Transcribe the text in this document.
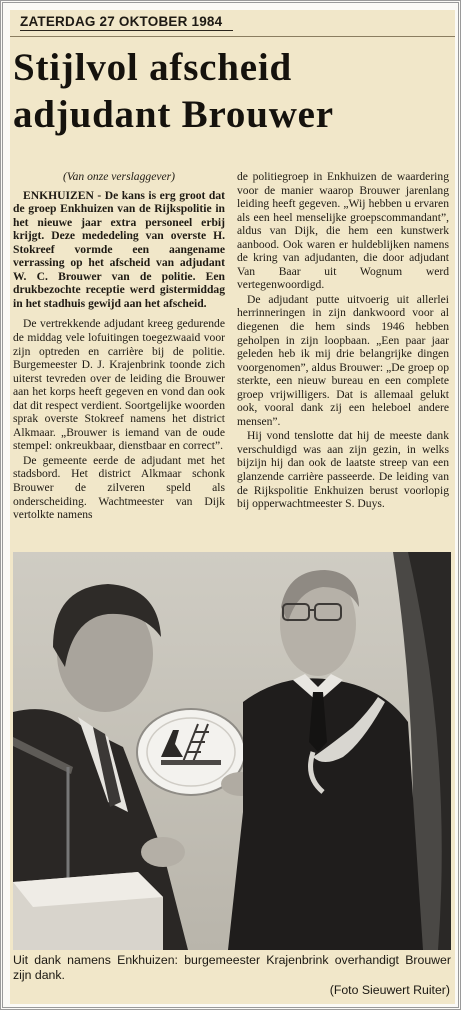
ZATERDAG 27 OKTOBER 1984
Stijlvol afscheid
adjudant Brouwer

(Van onze verslaggever)

ENKHUIZEN - De kans is erg groot dat de groep Enkhuizen van de Rijkspolitie in het nieuwe jaar extra personeel erbij krijgt. Deze mededeling van overste H. Stokreef vormde een aangename verrassing op het afscheid van adjudant W. C. Brouwer van de politie. Een drukbezochte receptie werd gistermiddag in het stadhuis gewijd aan het afscheid.

De vertrekkende adjudant kreeg gedurende de middag vele lofuitingen toegezwaaid voor zijn optreden en carrière bij de politie. Burgemeester D. J. Krajenbrink toonde zich uiterst tevreden over de leiding die Brouwer aan het korps heeft gegeven en vond dan ook dat dit respect verdient. Soortgelijke woorden sprak overste Stokreef namens het district Alkmaar. „Brouwer is iemand van de oude stempel: onkreukbaar, dienstbaar en correct”.

De gemeente eerde de adjudant met het stadsbord. Het district Alkmaar schonk Brouwer de zilveren speld als onderscheiding. Wachtmeester van Dijk vertolkte namens

de politiegroep in Enkhuizen de waardering voor de manier waarop Brouwer jarenlang leiding heeft gegeven. „Wij hebben u ervaren als een heel menselijke groepscommandant”, aldus van Dijk, die hem een kunstwerk aanbood. Ook waren er huldeblijken namens de kring van adjudanten, die door adjudant Van Baar uit Wognum werd vertegenwoordigd.

De adjudant putte uitvoerig uit allerlei herrinneringen in zijn dankwoord voor al diegenen die hem sinds 1946 hebben geholpen in zijn loopbaan. „Een paar jaar geleden heb ik mij drie belangrijke dingen voorgenomen”, aldus Brouwer: „De groep op sterkte, een nieuw bureau en een complete groep vrijwilligers. Dat is allemaal gelukt ook, vooral dank zij een heleboel andere mensen”.

Hij vond tenslotte dat hij de meeste dank verschuldigd was aan zijn gezin, in welks bijzijn hij dan ook de laatste streep van een glanzende carrière passeerde. De leiding van de Rijkspolitie Enkhuizen berust voorlopig bij opperwachtmeester S. Duys.

Uit dank namens Enkhuizen: burgemeester Krajenbrink overhandigt Brouwer zijn dank.
(Foto Sieuwert Ruiter)
